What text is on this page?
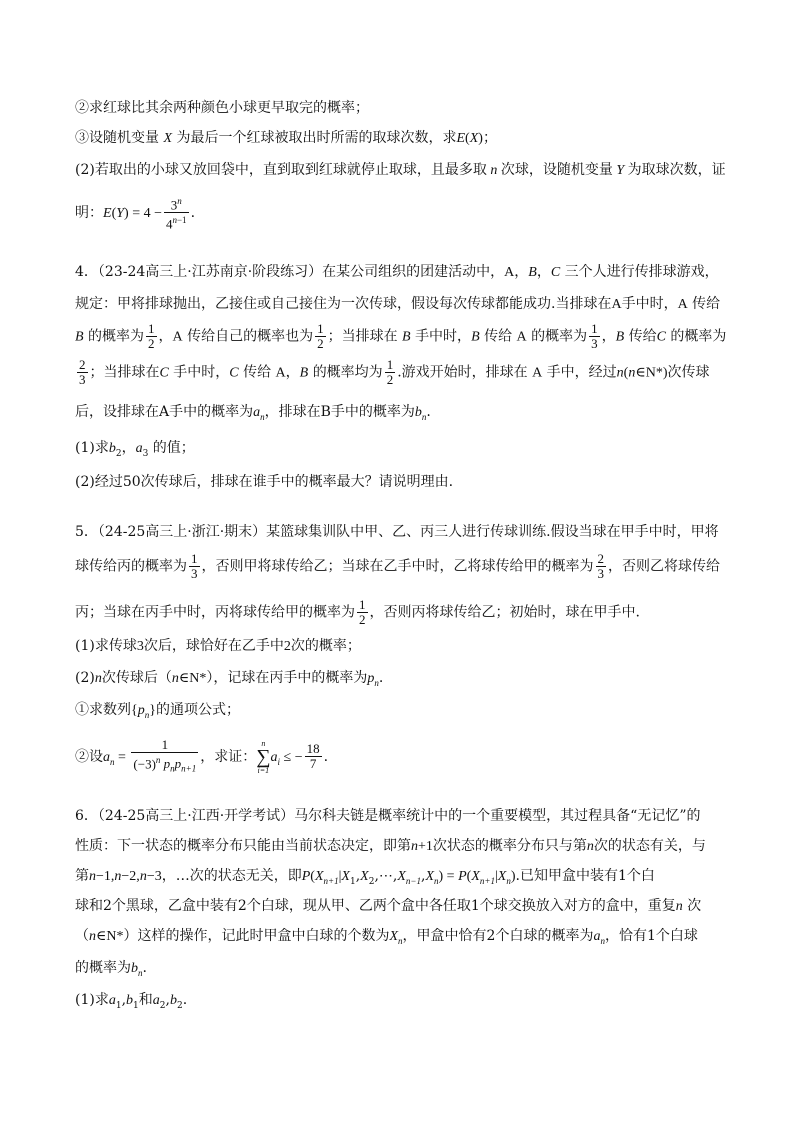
②求红球比其余两种颜色小球更早取完的概率；
③设随机变量 X 为最后一个红球被取出时所需的取球次数，求E(X)；
(2)若取出的小球又放回袋中，直到取到红球就停止取球，且最多取 n 次球，设随机变量 Y 为取球次数，证
明：$E(Y) = 4 - \frac{3^n}{4^{n-1}}$ .
4．（23-24高三上·江苏南京·阶段练习）在某公司组织的团建活动中，A，B，C 三个人进行传排球游戏，
规定：甲将排球抛出，乙接住或自己接住为一次传球，假设每次传球都能成功.当排球在A手中时，A 传给
B 的概率为 $\frac{1}{2}$ ，A 传给自己的概率也为 $\frac{1}{2}$ ；当排球在 B 手中时，B 传给 A 的概率为 $\frac{1}{3}$ ，B 传给C 的概率为
$\frac{2}{3}$ ；当排球在C 手中时，C 传给 A，B 的概率均为 $\frac{1}{2}$ .游戏开始时，排球在 A 手中，经过n(n∈N*)次传球
后，设排球在A手中的概率为$a_n$，排球在B手中的概率为$b_n$.
(1)求$b_2$，$a_3$ 的值；
(2)经过50次传球后，排球在谁手中的概率最大？请说明理由.
5．（24-25高三上·浙江·期末）某篮球集训队中甲、乙、丙三人进行传球训练.假设当球在甲手中时，甲将
球传给丙的概率为 $\frac{1}{3}$ ，否则甲将球传给乙；当球在乙手中时，乙将球传给甲的概率为 $\frac{2}{3}$ ，否则乙将球传给
丙；当球在丙手中时，丙将球传给甲的概率为 $\frac{1}{2}$ ，否则丙将球传给乙；初始时，球在甲手中.
(1)求传球3次后，球恰好在乙手中2次的概率；
(2)n次传球后（n∈N*），记球在丙手中的概率为$p_n$.
①求数列$\{p_n\}$的通项公式；
②设$a_n = \frac{1}{(-3)^n p_np_{n+1}}$ ，求证：
n
∑
i=1
$a_i$ ≤ − $\frac{18}{7}$ .
6．（24-25高三上·江西·开学考试）马尔科夫链是概率统计中的一个重要模型，其过程具备“无记忆”的
性质：下一状态的概率分布只能由当前状态决定，即第n+1次状态的概率分布只与第n次的状态有关，与
第n−1,n−2,n−3，…次的状态无关，即$P(X_{n+1}|X_1,X_2,\cdots,X_{n-1},X_n) = P(X_{n+1}|X_n)$.已知甲盒中装有1个白
球和2个黑球，乙盒中装有2个白球，现从甲、乙两个盒中各任取1个球交换放入对方的盒中，重复n 次
（n∈N*）这样的操作，记此时甲盒中白球的个数为$X_n$，甲盒中恰有2个白球的概率为$a_n$，恰有1个白球
的概率为$b_n$.
(1)求$a_1,b_1$和$a_2,b_2$.
